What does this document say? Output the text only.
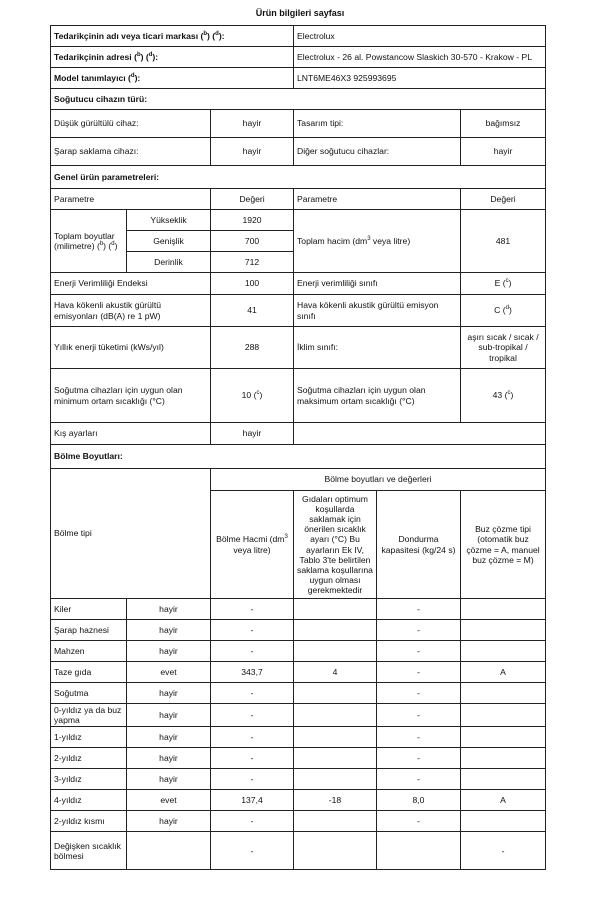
Ürün bilgileri sayfası
Tedarikçinin adı veya ticari markası ($^b$) ($^d$):			Electrolux		
Tedarikçinin adresi ($^b$) ($^d$):			Electrolux - 26 al. Powstancow Slaskich 30-570 - Krakow - PL		
Model tanımlayıcı ($^d$):			LNT6ME46X3 925993695		
Soğutucu cihazın türü:					
Düşük gürültülü cihaz:		hayir	Tasarım tipi:		bağımsız
Şarap saklama cihazı:		hayir	Diğer soğutucu cihazlar:		hayir
Genel ürün parametreleri:					
Parametre		Değeri	Parametre		Değeri
Toplam boyutlar (milimetre) ($^b$) ($^d$)	Yükseklik	1920	Toplam hacim ($dm^3$ veya litre)		481
	Genişlik	700			
	Derinlik	712			
Enerji Verimliliği Endeksi		100	Enerji verimliliği sınıfı		E ($^c$)
Hava kökenli akustik gürültü emisyonları (dB(A) re 1 pW)		41	Hava kökenli akustik gürültü emisyon sınıfı		C ($^d$)
Yıllık enerji tüketimi (kWs/yıl)		288	İklim sınıfı:		aşırı sıcak / sıcak / sub-tropikal / tropikal
Soğutma cihazları için uygun olan minimum ortam sıcaklığı (°C)		10 ($^c$)	Soğutma cihazları için uygun olan maksimum ortam sıcaklığı (°C)		43 ($^c$)
Kış ayarları		hayir			
Bölme Boyutları:					
Bölme tipi		Bölme boyutları ve değerleri			
		Bölme Hacmi ($dm^3$ veya litre)	Gıdaları optimum koşullarda saklamak için önerilen sıcaklık ayarı (°C) Bu ayarların Ek IV, Tablo 3'te belirtilen saklama koşullarına uygun olması gerekmektedir	Dondurma kapasitesi (kg/24 s)	Buz çözme tipi (otomatik buz çözme = A, manuel buz çözme = M)
Kiler	hayir	-		-	
Şarap haznesi	hayir	-		-	
Mahzen	hayir	-		-	
Taze gıda	evet	343,7	4	-	A
Soğutma	hayir	-		-	
0-yıldız ya da buz yapma	hayir	-		-	
1-yıldız	hayir	-		-	
2-yıldız	hayir	-		-	
3-yıldız	hayir	-		-	
4-yıldız	evet	137,4	-18	8,0	A
2-yıldız kısmı	hayir	-		-	
Değişken sıcaklık bölmesi		-			-
